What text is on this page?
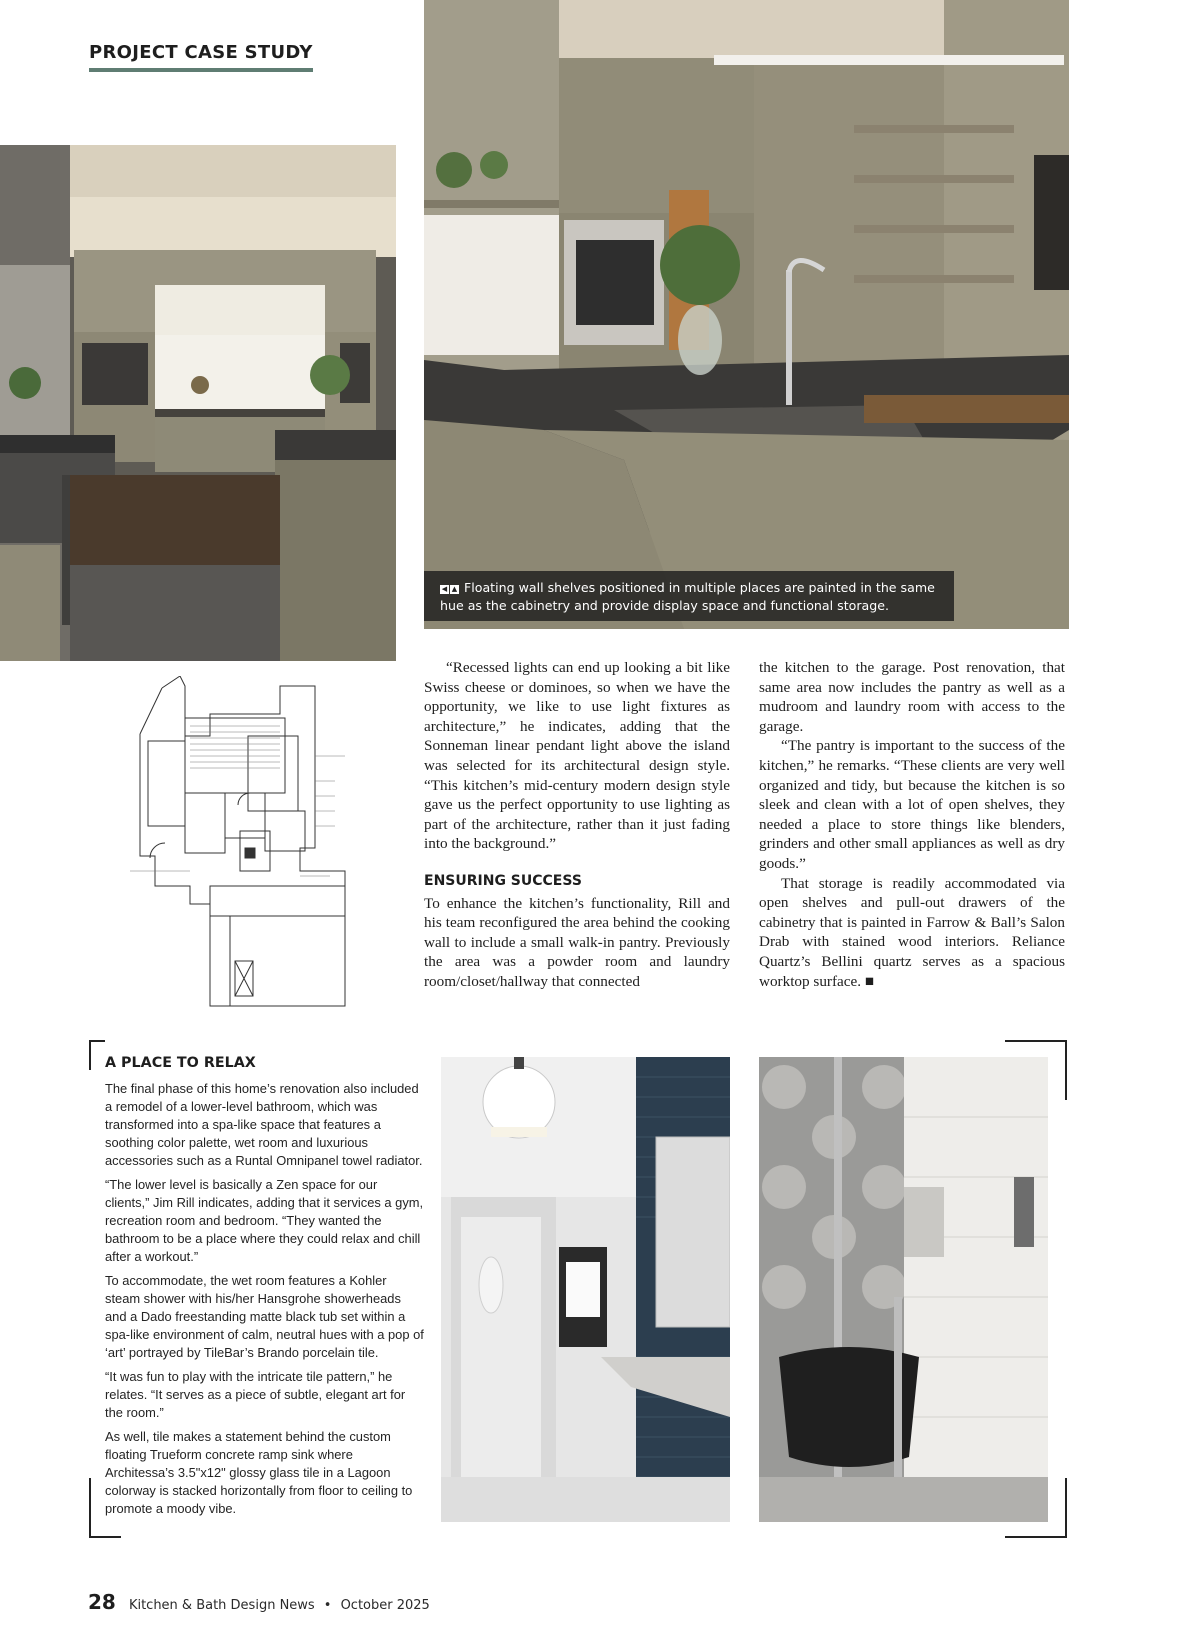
PROJECT CASE STUDY
◀ ▲ Floating wall shelves positioned in multiple places are painted in the same hue as the cabinetry and provide display space and functional storage.

“Recessed lights can end up looking a bit like Swiss cheese or dominoes, so when we have the opportunity, we like to use light fixtures as architecture,” he indicates, adding that the Sonneman linear pendant light above the island was selected for its architectural design style. “This kitchen’s mid-century modern design style gave us the perfect opportunity to use lighting as part of the architecture, rather than it just fading into the background.”

ENSURING SUCCESS

To enhance the kitchen’s functionality, Rill and his team reconfigured the area behind the cooking wall to include a small walk-in pantry. Previously the area was a powder room and laundry room/closet/hallway that connected

the kitchen to the garage. Post renovation, that same area now includes the pantry as well as a mudroom and laundry room with access to the garage.

“The pantry is important to the success of the kitchen,” he remarks. “These clients are very well organized and tidy, but because the kitchen is so sleek and clean with a lot of open shelves, they needed a place to store things like blenders, grinders and other small appliances as well as dry goods.”

That storage is readily accommodated via open shelves and pull-out drawers of the cabinetry that is painted in Farrow & Ball’s Salon Drab with stained wood interiors. Reliance Quartz’s Bellini quartz serves as a spacious worktop surface. ■

A PLACE TO RELAX

The final phase of this home’s renovation also included a remodel of a lower-level bathroom, which was transformed into a spa-like space that features a soothing color palette, wet room and luxurious accessories such as a Runtal Omnipanel towel radiator.

“The lower level is basically a Zen space for our clients,” Jim Rill indicates, adding that it services a gym, recreation room and bedroom. “They wanted the bathroom to be a place where they could relax and chill after a workout.”

To accommodate, the wet room features a Kohler steam shower with his/her Hansgrohe showerheads and a Dado freestanding matte black tub set within a spa-like environment of calm, neutral hues with a pop of ‘art’ portrayed by TileBar’s Brando porcelain tile.

“It was fun to play with the intricate tile pattern,” he relates. “It serves as a piece of subtle, elegant art for the room.”

As well, tile makes a statement behind the custom floating Trueform concrete ramp sink where Architessa’s 3.5"x12" glossy glass tile in a Lagoon colorway is stacked horizontally from floor to ceiling to promote a moody vibe.

28 Kitchen & Bath Design News • October 2025
